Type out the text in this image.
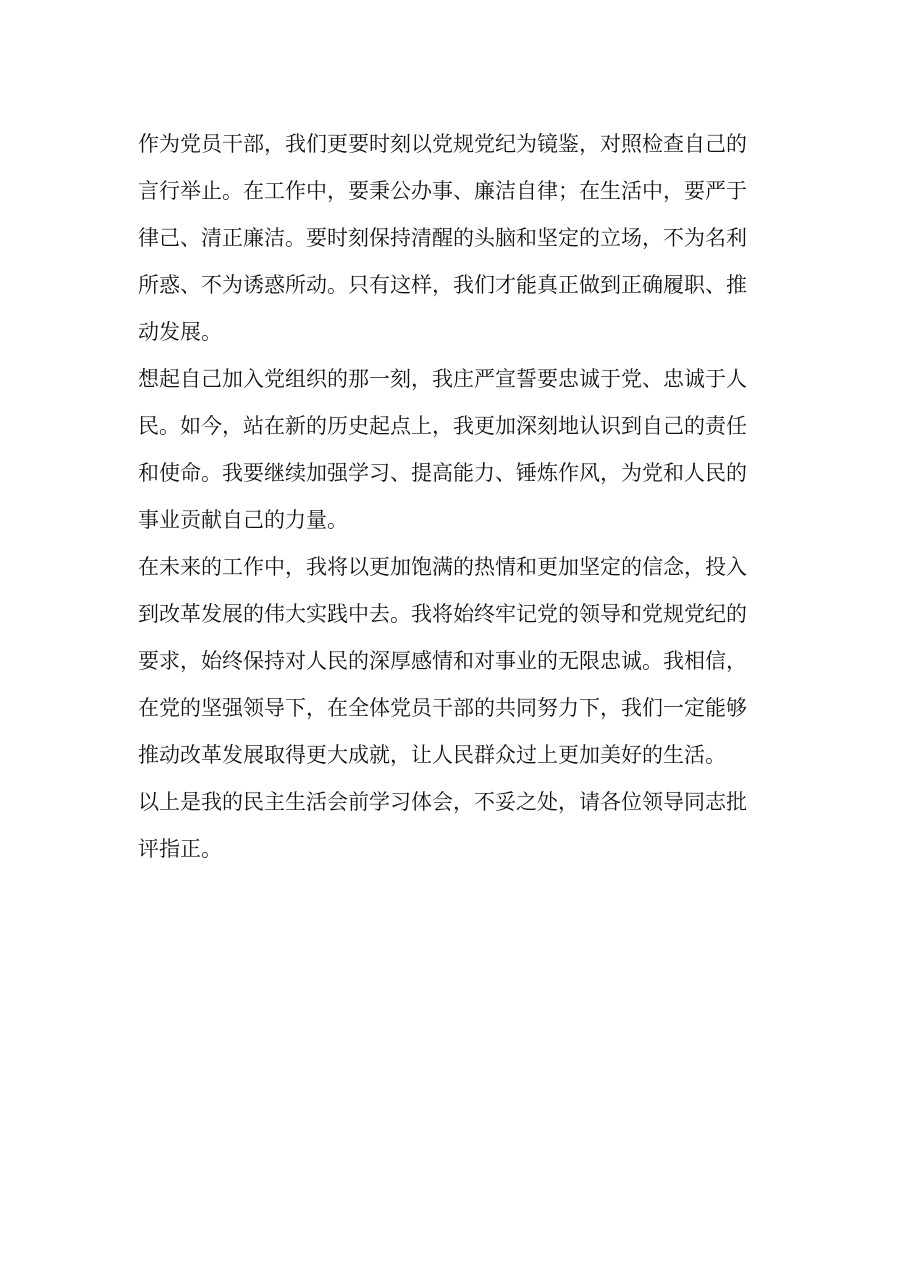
作为党员干部，我们更要时刻以党规党纪为镜鉴，对照检查自己的
言行举止。在工作中，要秉公办事、廉洁自律；在生活中，要严于
律己、清正廉洁。要时刻保持清醒的头脑和坚定的立场，不为名利
所惑、不为诱惑所动。只有这样，我们才能真正做到正确履职、推
动发展。
想起自己加入党组织的那一刻，我庄严宣誓要忠诚于党、忠诚于人
民。如今，站在新的历史起点上，我更加深刻地认识到自己的责任
和使命。我要继续加强学习、提高能力、锤炼作风，为党和人民的
事业贡献自己的力量。
在未来的工作中，我将以更加饱满的热情和更加坚定的信念，投入
到改革发展的伟大实践中去。我将始终牢记党的领导和党规党纪的
要求，始终保持对人民的深厚感情和对事业的无限忠诚。我相信，
在党的坚强领导下，在全体党员干部的共同努力下，我们一定能够
推动改革发展取得更大成就，让人民群众过上更加美好的生活。
以上是我的民主生活会前学习体会，不妥之处，请各位领导同志批
评指正。
